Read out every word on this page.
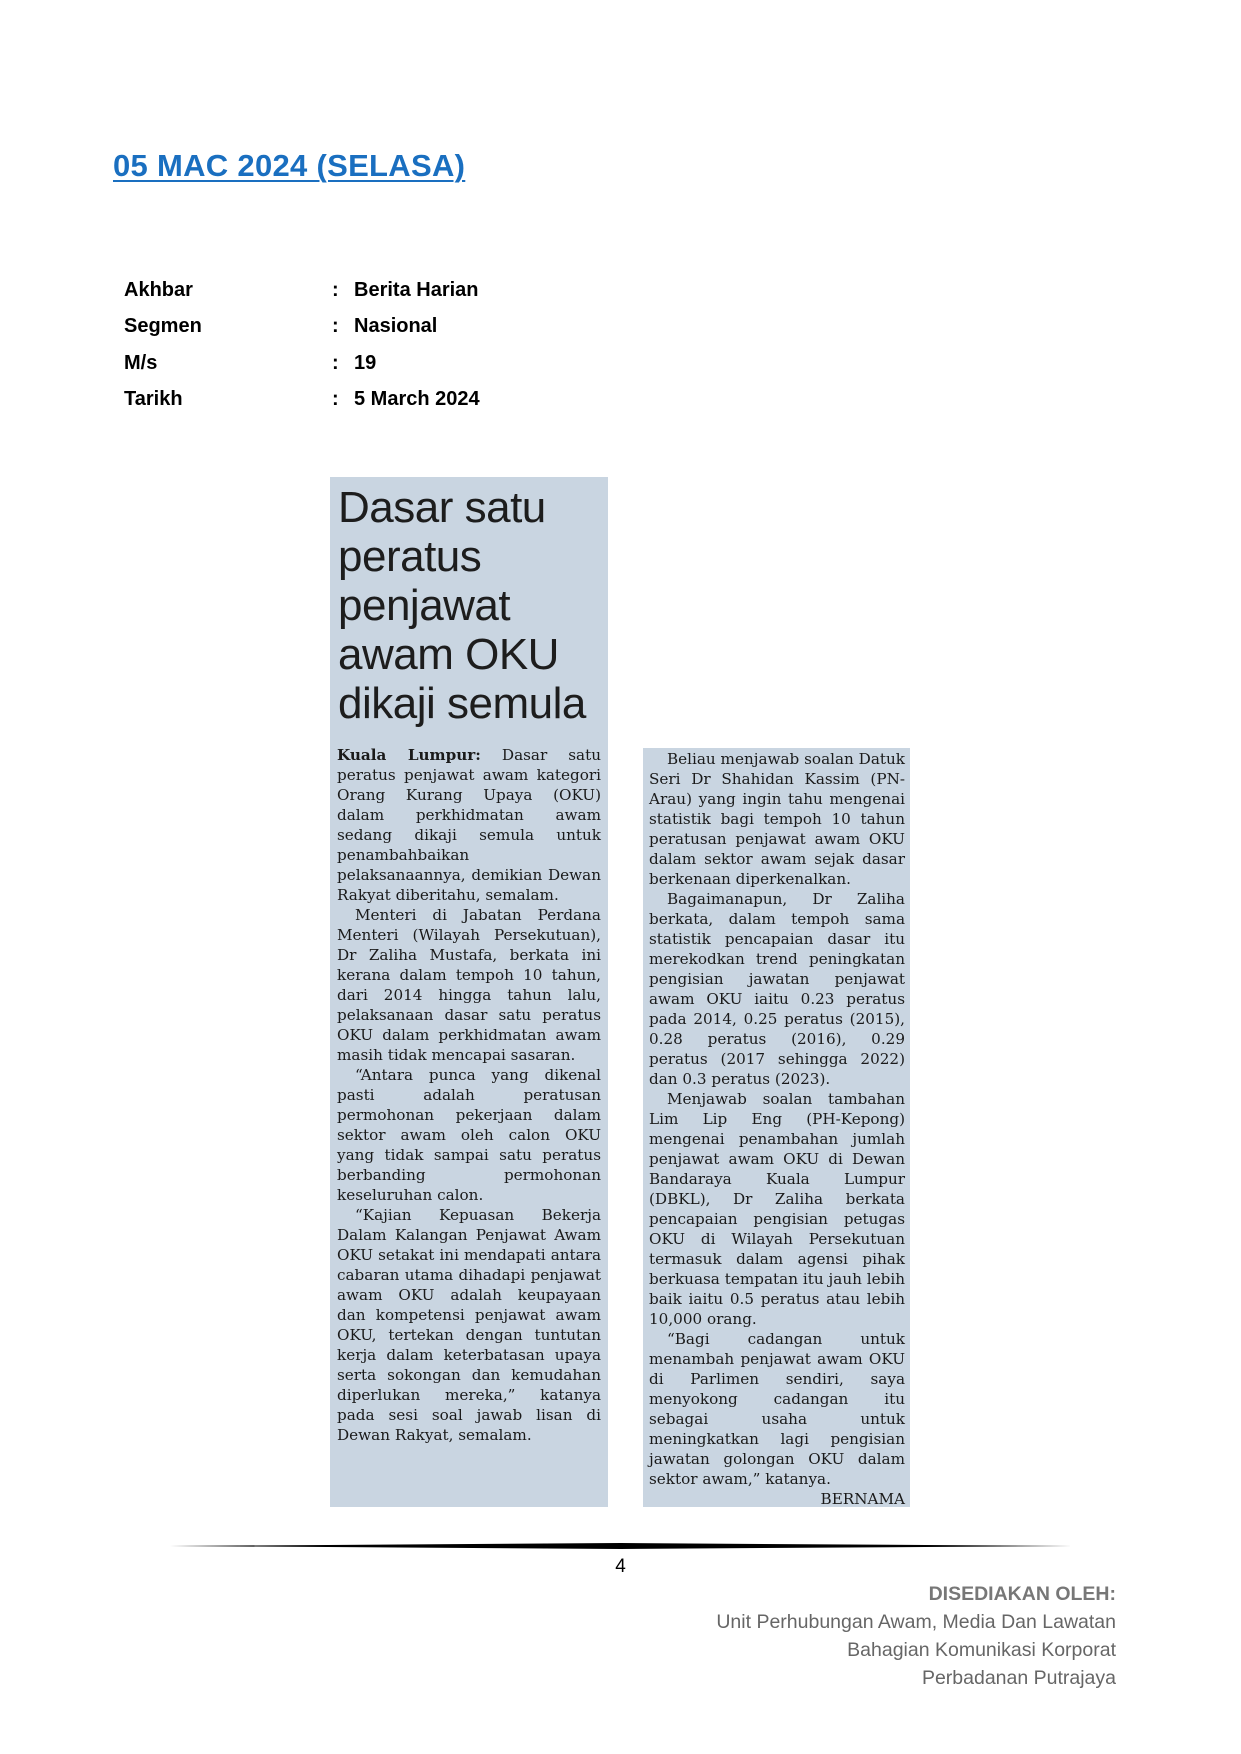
05 MAC 2024 (SELASA)
Akhbar	: Berita Harian
Segmen	: Nasional
M/s	: 19
Tarikh	: 5 March 2024
Dasar satu peratus penjawat awam OKU dikaji semula

Kuala Lumpur: Dasar satu peratus penjawat awam kategori Orang Kurang Upaya (OKU) dalam perkhidmatan awam sedang dikaji semula untuk penambahbaikan pelaksanaannya, demikian Dewan Rakyat diberitahu, semalam.

Menteri di Jabatan Perdana Menteri (Wilayah Persekutuan), Dr Zaliha Mustafa, berkata ini kerana dalam tempoh 10 tahun, dari 2014 hingga tahun lalu, pelaksanaan dasar satu peratus OKU dalam perkhidmatan awam masih tidak mencapai sasaran.

“Antara punca yang dikenal pasti adalah peratusan permohonan pekerjaan dalam sektor awam oleh calon OKU yang tidak sampai satu peratus berbanding permohonan keseluruhan calon.

“Kajian Kepuasan Bekerja Dalam Kalangan Penjawat Awam OKU setakat ini mendapati antara cabaran utama dihadapi penjawat awam OKU adalah keupayaan dan kompetensi penjawat awam OKU, tertekan dengan tuntutan kerja dalam keterbatasan upaya serta sokongan dan kemudahan diperlukan mereka,” katanya pada sesi soal jawab lisan di Dewan Rakyat, semalam.

Beliau menjawab soalan Datuk Seri Dr Shahidan Kassim (PN-Arau) yang ingin tahu mengenai statistik bagi tempoh 10 tahun peratusan penjawat awam OKU dalam sektor awam sejak dasar berkenaan diperkenalkan.

Bagaimanapun, Dr Zaliha berkata, dalam tempoh sama statistik pencapaian dasar itu merekodkan trend peningkatan pengisian jawatan penjawat awam OKU iaitu 0.23 peratus pada 2014, 0.25 peratus (2015), 0.28 peratus (2016), 0.29 peratus (2017 sehingga 2022) dan 0.3 peratus (2023).

Menjawab soalan tambahan Lim Lip Eng (PH-Kepong) mengenai penambahan jumlah penjawat awam OKU di Dewan Bandaraya Kuala Lumpur (DBKL), Dr Zaliha berkata pencapaian pengisian petugas OKU di Wilayah Persekutuan termasuk dalam agensi pihak berkuasa tempatan itu jauh lebih baik iaitu 0.5 peratus atau lebih 10,000 orang.

“Bagi cadangan untuk menambah penjawat awam OKU di Parlimen sendiri, saya menyokong cadangan itu sebagai usaha untuk meningkatkan lagi pengisian jawatan golongan OKU dalam sektor awam,” katanya.
BERNAMA

4
DISEDIAKAN OLEH:
Unit Perhubungan Awam, Media Dan Lawatan
Bahagian Komunikasi Korporat
Perbadanan Putrajaya
